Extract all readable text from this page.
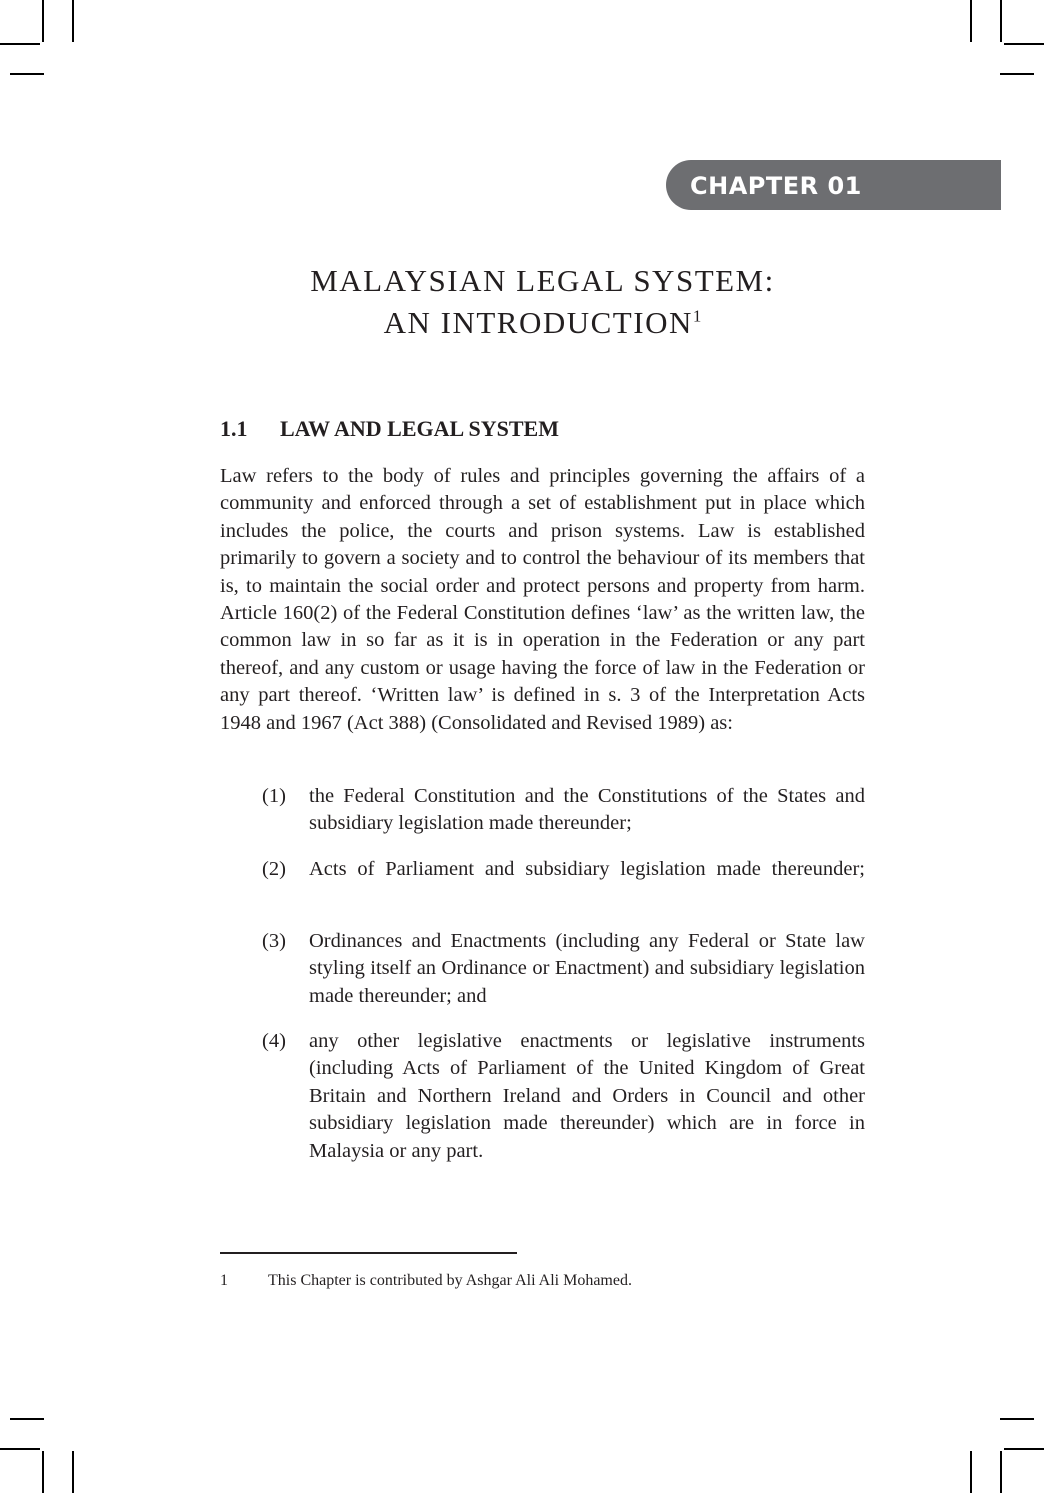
CHAPTER 01
MALAYSIAN LEGAL SYSTEM:
AN INTRODUCTION$^1$
1.1 LAW AND LEGAL SYSTEM

Law refers to the body of rules and principles governing the affairs of a community and enforced through a set of establishment put in place which includes the police, the courts and prison systems. Law is established primarily to govern a society and to control the behaviour of its members that is, to maintain the social order and protect persons and property from harm. Article 160(2) of the Federal Constitution defines ‘law’ as the written law, the common law in so far as it is in operation in the Federation or any part thereof, and any custom or usage having the force of law in the Federation or any part thereof. ‘Written law’ is defined in s. 3 of the Interpretation Acts 1948 and 1967 (Act 388) (Consolidated and Revised 1989) as:

(1) the Federal Constitution and the Constitutions of the States and subsidiary legislation made thereunder;
(2) Acts of Parliament and subsidiary legislation made thereunder;
(3) Ordinances and Enactments (including any Federal or State law styling itself an Ordinance or Enactment) and subsidiary legislation made thereunder; and
(4) any other legislative enactments or legislative instruments (including Acts of Parliament of the United Kingdom of Great Britain and Northern Ireland and Orders in Council and other subsidiary legislation made thereunder) which are in force in Malaysia or any part.
1	This Chapter is contributed by Ashgar Ali Ali Mohamed.
